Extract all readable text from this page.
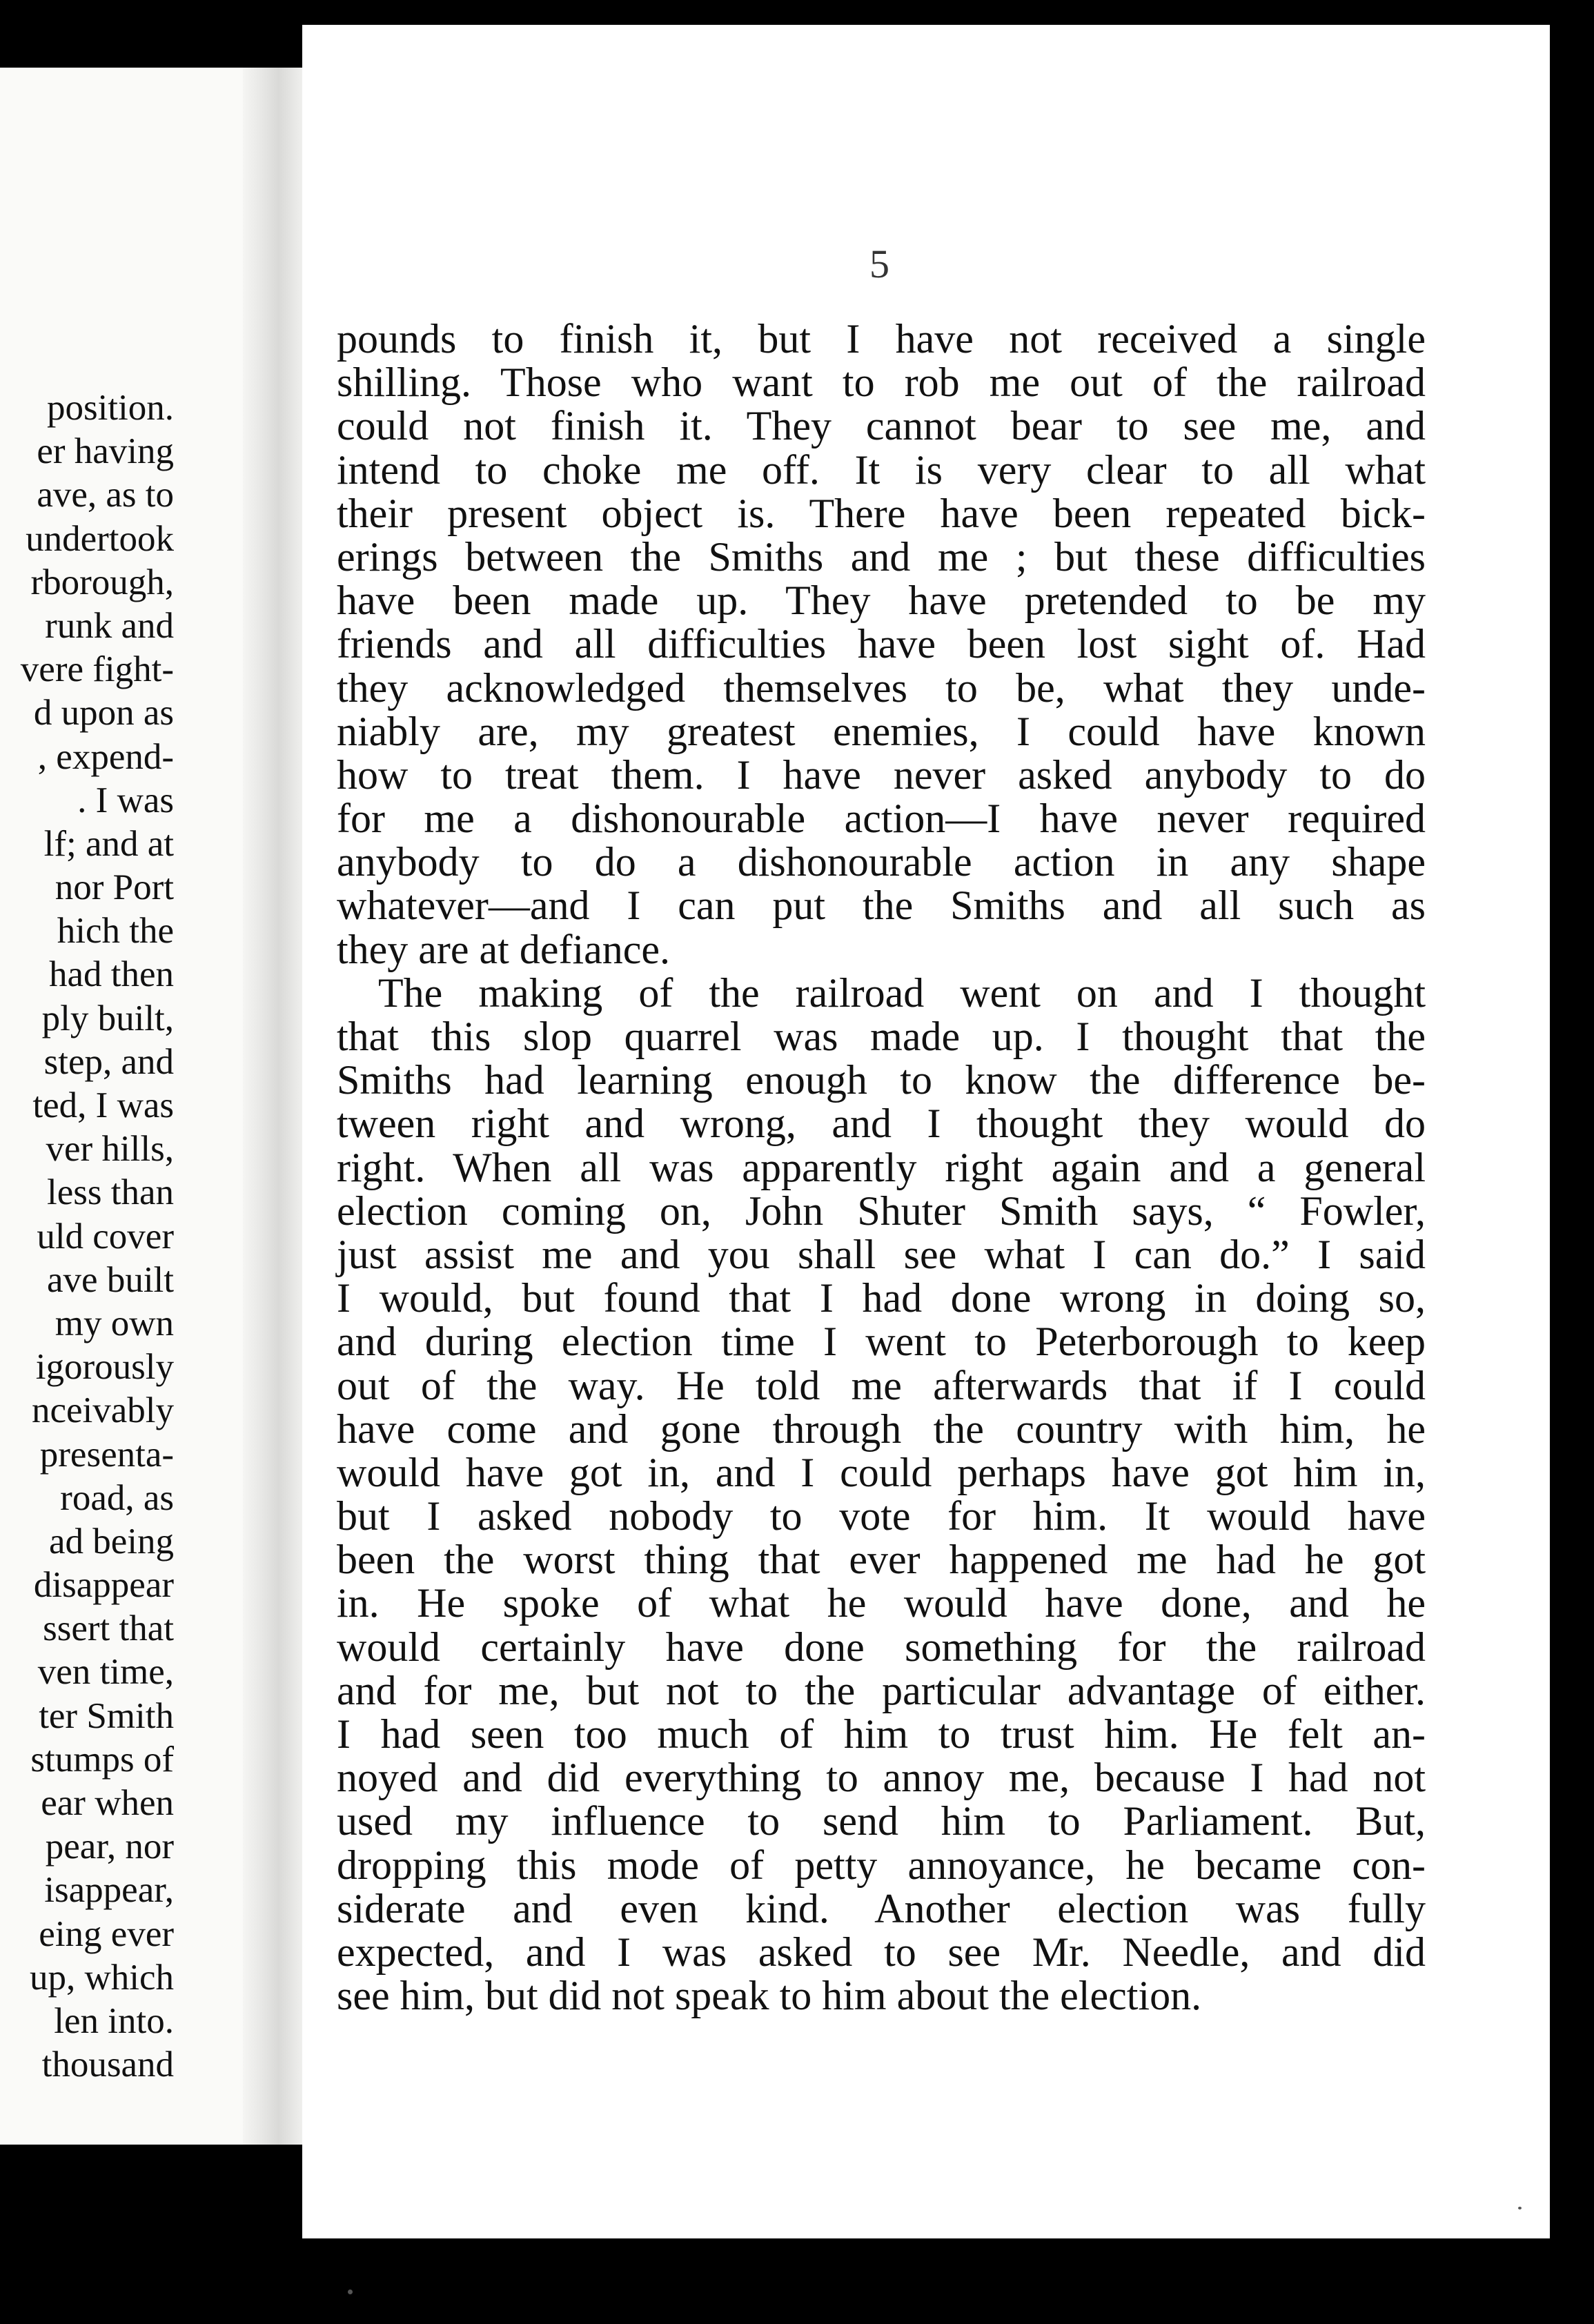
position.
er having
ave, as to
undertook
rborough,
runk and
vere fight-
d upon as
, expend-
. I was
lf; and at
nor Port
hich the
had then
ply built,
step, and
ted, I was
ver hills,
less than
uld cover
ave built
my own
igorously
nceivably
presenta-
road, as
ad being
disappear
ssert that
ven time,
ter Smith
stumps of
ear when
pear, nor
isappear,
eing ever
up, which
len into.
thousand
5
pounds to finish it, but I have not received a single
shilling. Those who want to rob me out of the railroad
could not finish it. They cannot bear to see me, and
intend to choke me off. It is very clear to all what
their present object is. There have been repeated bick-
erings between the Smiths and me ; but these difficulties
have been made up. They have pretended to be my
friends and all difficulties have been lost sight of. Had
they acknowledged themselves to be, what they unde-
niably are, my greatest enemies, I could have known
how to treat them. I have never asked anybody to do
for me a dishonourable action—I have never required
anybody to do a dishonourable action in any shape
whatever—and I can put the Smiths and all such as
they are at defiance.
The making of the railroad went on and I thought
that this slop quarrel was made up. I thought that the
Smiths had learning enough to know the difference be-
tween right and wrong, and I thought they would do
right. When all was apparently right again and a general
election coming on, John Shuter Smith says, “ Fowler,
just assist me and you shall see what I can do.” I said
I would, but found that I had done wrong in doing so,
and during election time I went to Peterborough to keep
out of the way. He told me afterwards that if I could
have come and gone through the country with him, he
would have got in, and I could perhaps have got him in,
but I asked nobody to vote for him. It would have
been the worst thing that ever happened me had he got
in. He spoke of what he would have done, and he
would certainly have done something for the railroad
and for me, but not to the particular advantage of either.
I had seen too much of him to trust him. He felt an-
noyed and did everything to annoy me, because I had not
used my influence to send him to Parliament. But,
dropping this mode of petty annoyance, he became con-
siderate and even kind. Another election was fully
expected, and I was asked to see Mr. Needle, and did
see him, but did not speak to him about the election.
